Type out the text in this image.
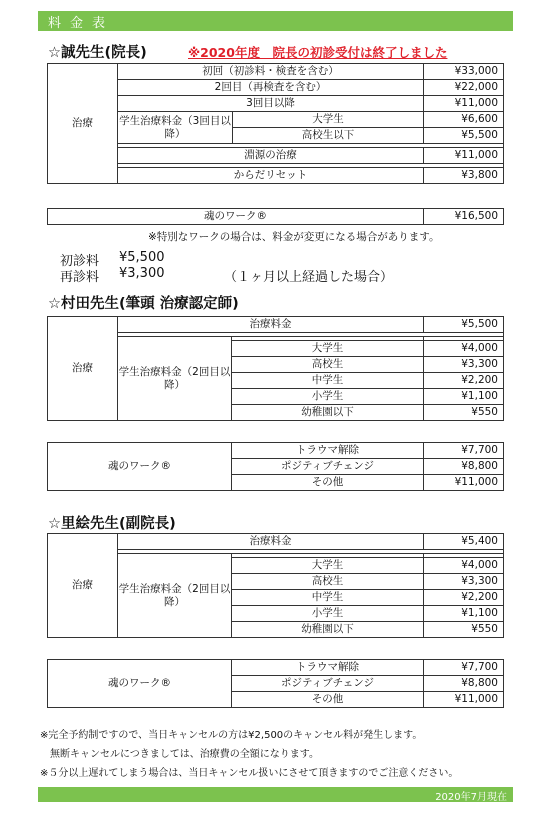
料金表
☆誠先生(院長)	※2020年度　院長の初診受付は終了しました
治療	初回（初診料・検査を含む）		¥33,000
	2回目（再検査を含む）		¥22,000
	3回目以降		¥11,000
	学生治療料金（3回目以降）	大学生	¥6,600
		高校生以下	¥5,500

	淵源の治療		¥11,000

	からだリセット		¥3,800
魂のワーク®	¥16,500
※特別なワークの場合は、料金が変更になる場合があります。
初診料 ¥5,500
再診料 ¥3,300	（１ヶ月以上経過した場合）
☆村田先生(筆頭 治療認定師)
治療	治療料金		¥5,500

	学生治療料金（2回目以降）		
		大学生	¥4,000
		高校生	¥3,300
		中学生	¥2,200
		小学生	¥1,100
		幼稚園以下	¥550
魂のワーク®	トラウマ解除	¥7,700
	ポジティブチェンジ	¥8,800
	その他	¥11,000
☆里絵先生(副院長)
治療	治療料金		¥5,400

	学生治療料金（2回目以降）		
		大学生	¥4,000
		高校生	¥3,300
		中学生	¥2,200
		小学生	¥1,100
		幼稚園以下	¥550
魂のワーク®	トラウマ解除	¥7,700
	ポジティブチェンジ	¥8,800
	その他	¥11,000
※完全予約制ですので、当日キャンセルの方は¥2,500のキャンセル料が発生します。
　無断キャンセルにつきましては、治療費の全額になります。
※５分以上遅れてしまう場合は、当日キャンセル扱いにさせて頂きますのでご注意ください。
2020年7月現在
